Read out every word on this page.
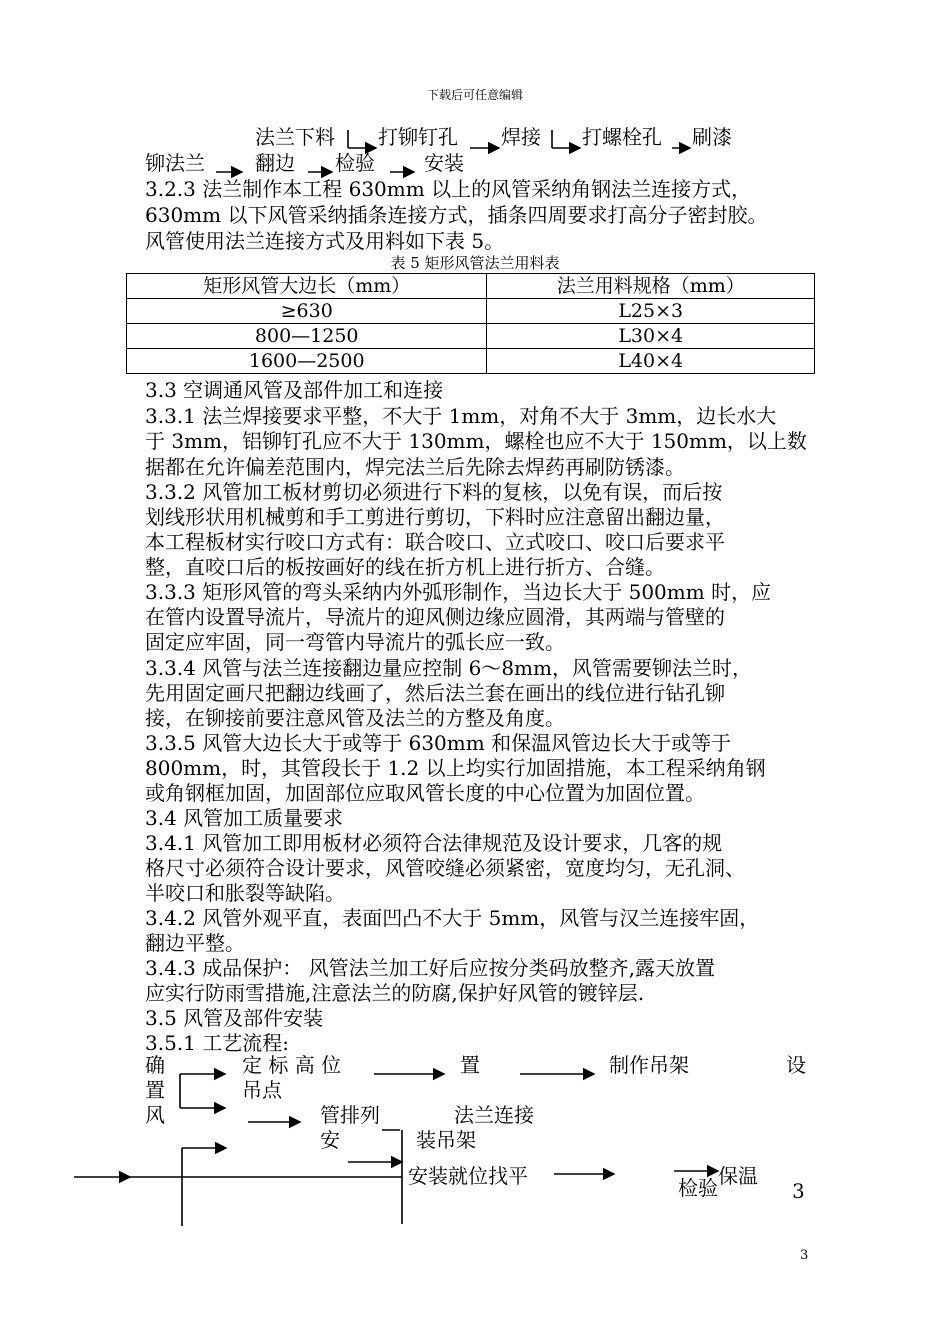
下载后可任意编辑
法兰下料 打铆钉孔 焊接 打螺栓孔 刷漆
铆法兰	翻边 检验 安装
3.2.3 法兰制作本工程 630mm 以上的风管采纳角钢法兰连接方式，
630mm 以下风管采纳插条连接方式，插条四周要求打高分子密封胶。
风管使用法兰连接方式及用料如下表 5。
表 5 矩形风管法兰用料表
矩形风管大边长（mm）	法兰用料规格（mm）
≥630	L25×3
800—1250	L30×4
1600—2500	L40×4
3.3 空调通风管及部件加工和连接
3.3.1 法兰焊接要求平整，不大于 1mm，对角不大于 3mm，边长水大
于 3mm，铝铆钉孔应不大于 130mm，螺栓也应不大于 150mm，以上数
据都在允许偏差范围内，焊完法兰后先除去焊药再刷防锈漆。
3.3.2 风管加工板材剪切必须进行下料的复核，以免有误，而后按
划线形状用机械剪和手工剪进行剪切，下料时应注意留出翻边量，
本工程板材实行咬口方式有：联合咬口、立式咬口、咬口后要求平
整，直咬口后的板按画好的线在折方机上进行折方、合缝。
3.3.3 矩形风管的弯头采纳内外弧形制作，当边长大于 500mm 时，应
在管内设置导流片，导流片的迎风侧边缘应圆滑，其两端与管壁的
固定应牢固，同一弯管内导流片的弧长应一致。
3.3.4 风管与法兰连接翻边量应控制 6～8mm，风管需要铆法兰时，
先用固定画尺把翻边线画了，然后法兰套在画出的线位进行钻孔铆
接，在铆接前要注意风管及法兰的方整及角度。
3.3.5 风管大边长大于或等于 630mm 和保温风管边长大于或等于
800mm，时，其管段长于 1.2 以上均实行加固措施，本工程采纳角钢
或角钢框加固，加固部位应取风管长度的中心位置为加固位置。
3.4 风管加工质量要求
3.4.1 风管加工即用板材必须符合法律规范及设计要求，几客的规
格尺寸必须符合设计要求，风管咬缝必须紧密，宽度均匀，无孔洞、
半咬口和胀裂等缺陷。
3.4.2 风管外观平直，表面凹凸不大于 5mm，风管与汉兰连接牢固，
翻边平整。
3.4.3 成品保护： 风管法兰加工好后应按分类码放整齐,露天放置
应实行防雨雪措施,注意法兰的防腐,保护好风管的镀锌层.
3.5 风管及部件安装
3.5.1 工艺流程:
确
置
风
定 标 高 位
吊点
置	制作吊架	设
管排列
安
法兰连接
装吊架
安装就位找平	保温
检验	3
3
